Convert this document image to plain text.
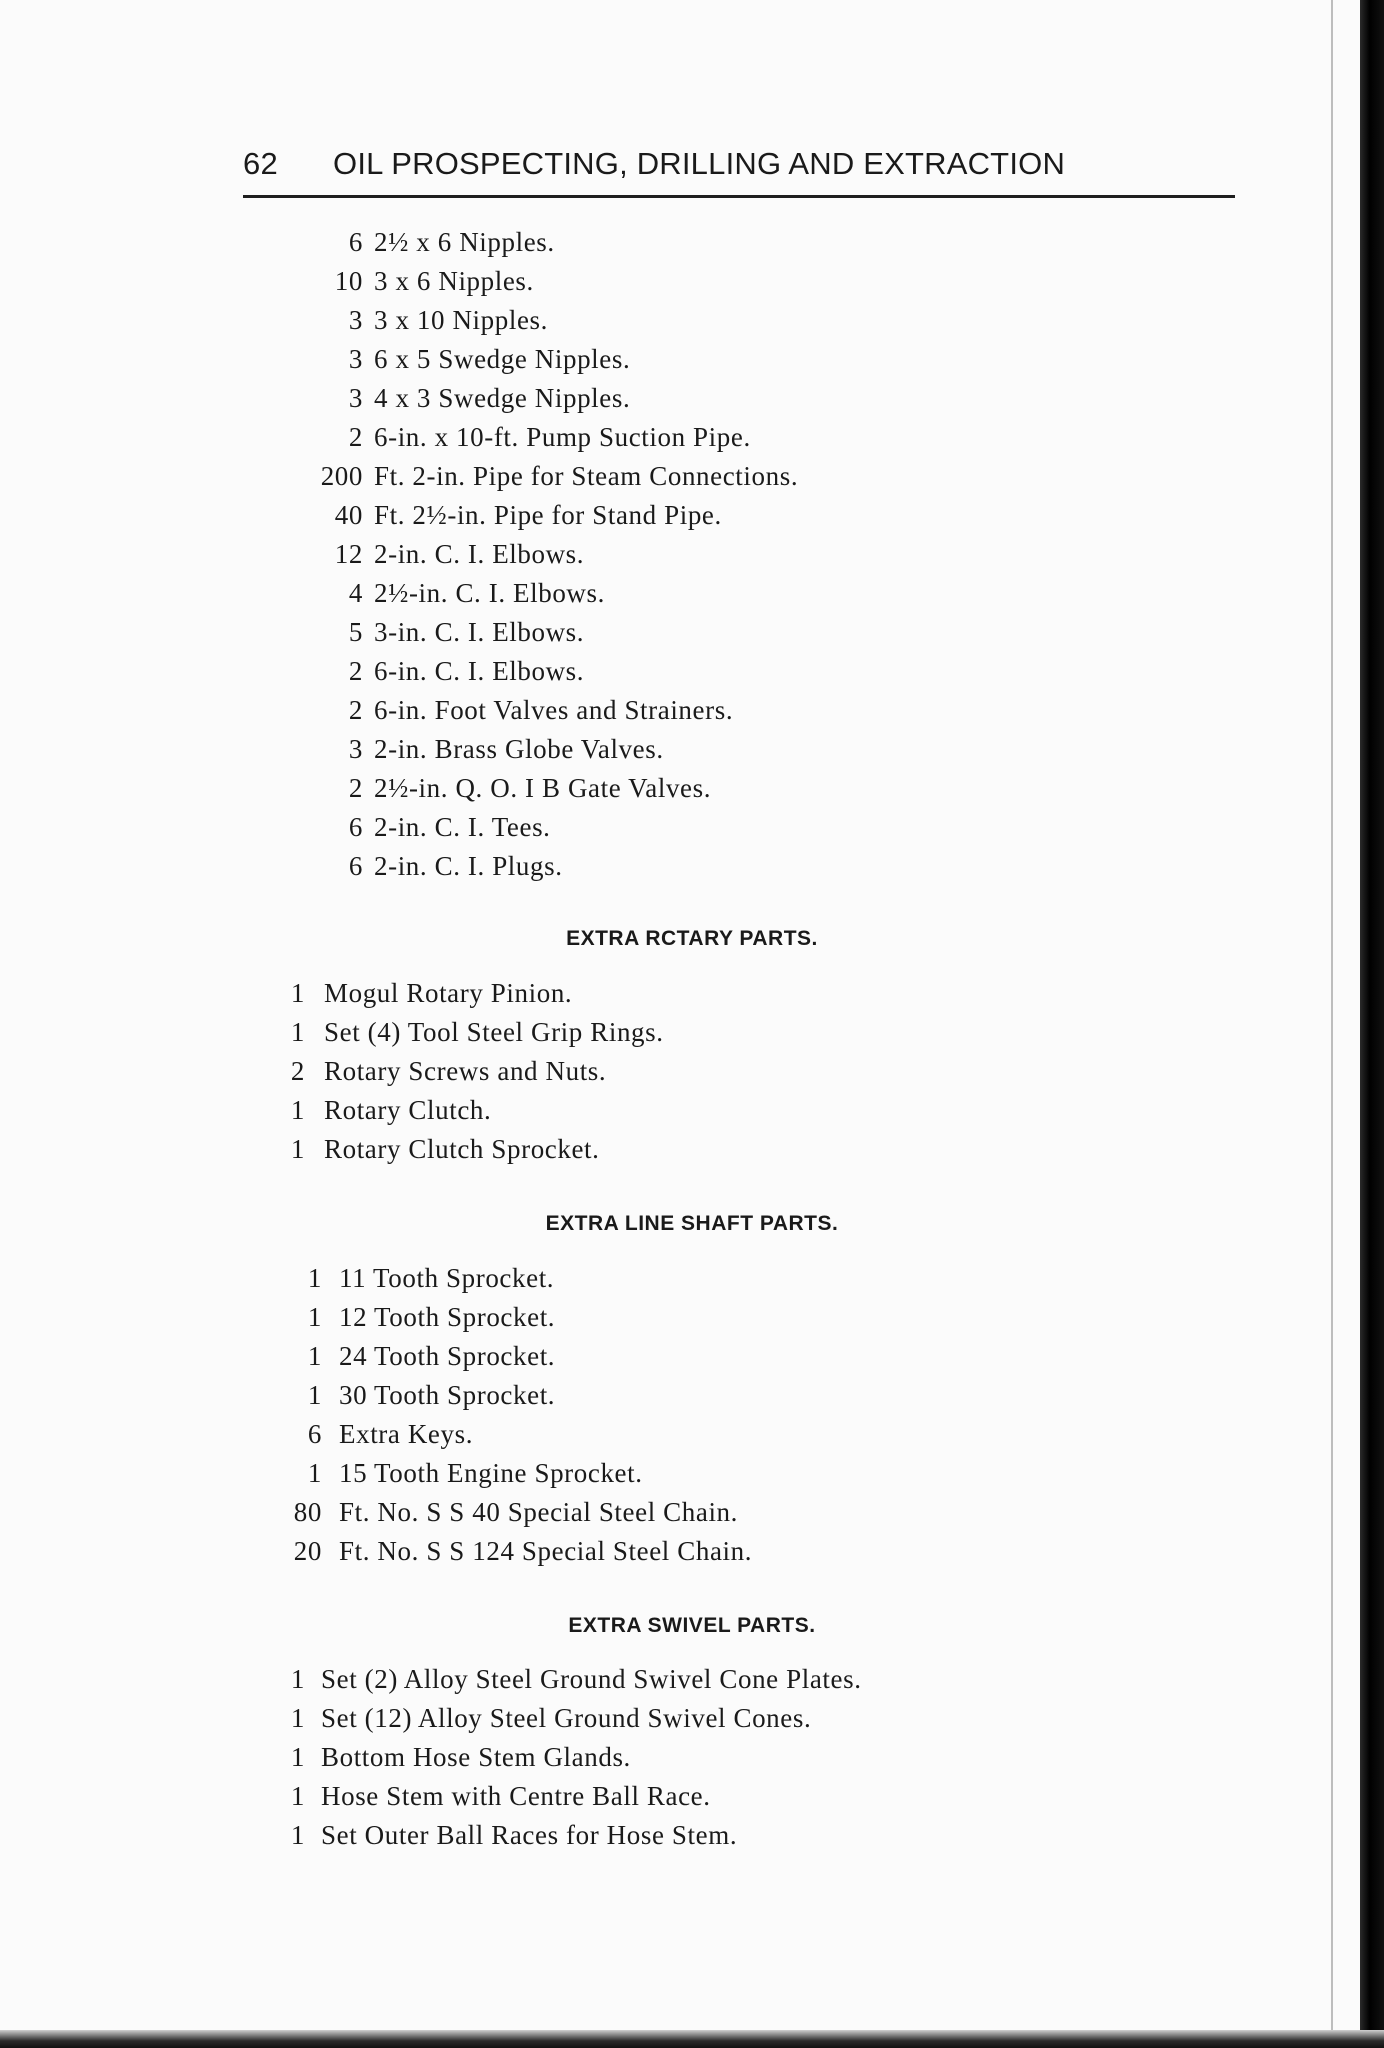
62 OIL PROSPECTING, DRILLING AND EXTRACTION
6 2½ x 6 Nipples.
10 3 x 6 Nipples.
3 3 x 10 Nipples.
3 6 x 5 Swedge Nipples.
3 4 x 3 Swedge Nipples.
2 6-in. x 10-ft. Pump Suction Pipe.
200 Ft. 2-in. Pipe for Steam Connections.
40 Ft. 2½-in. Pipe for Stand Pipe.
12 2-in. C. I. Elbows.
4 2½-in. C. I. Elbows.
5 3-in. C. I. Elbows.
2 6-in. C. I. Elbows.
2 6-in. Foot Valves and Strainers.
3 2-in. Brass Globe Valves.
2 2½-in. Q. O. I B Gate Valves.
6 2-in. C. I. Tees.
6 2-in. C. I. Plugs.
EXTRA RCTARY PARTS.
1 Mogul Rotary Pinion.
1 Set (4) Tool Steel Grip Rings.
2 Rotary Screws and Nuts.
1 Rotary Clutch.
1 Rotary Clutch Sprocket.
EXTRA LINE SHAFT PARTS.
1 11 Tooth Sprocket.
1 12 Tooth Sprocket.
1 24 Tooth Sprocket.
1 30 Tooth Sprocket.
6 Extra Keys.
1 15 Tooth Engine Sprocket.
80 Ft. No. S S 40 Special Steel Chain.
20 Ft. No. S S 124 Special Steel Chain.
EXTRA SWIVEL PARTS.
1 Set (2) Alloy Steel Ground Swivel Cone Plates.
1 Set (12) Alloy Steel Ground Swivel Cones.
1 Bottom Hose Stem Glands.
1 Hose Stem with Centre Ball Race.
1 Set Outer Ball Races for Hose Stem.
